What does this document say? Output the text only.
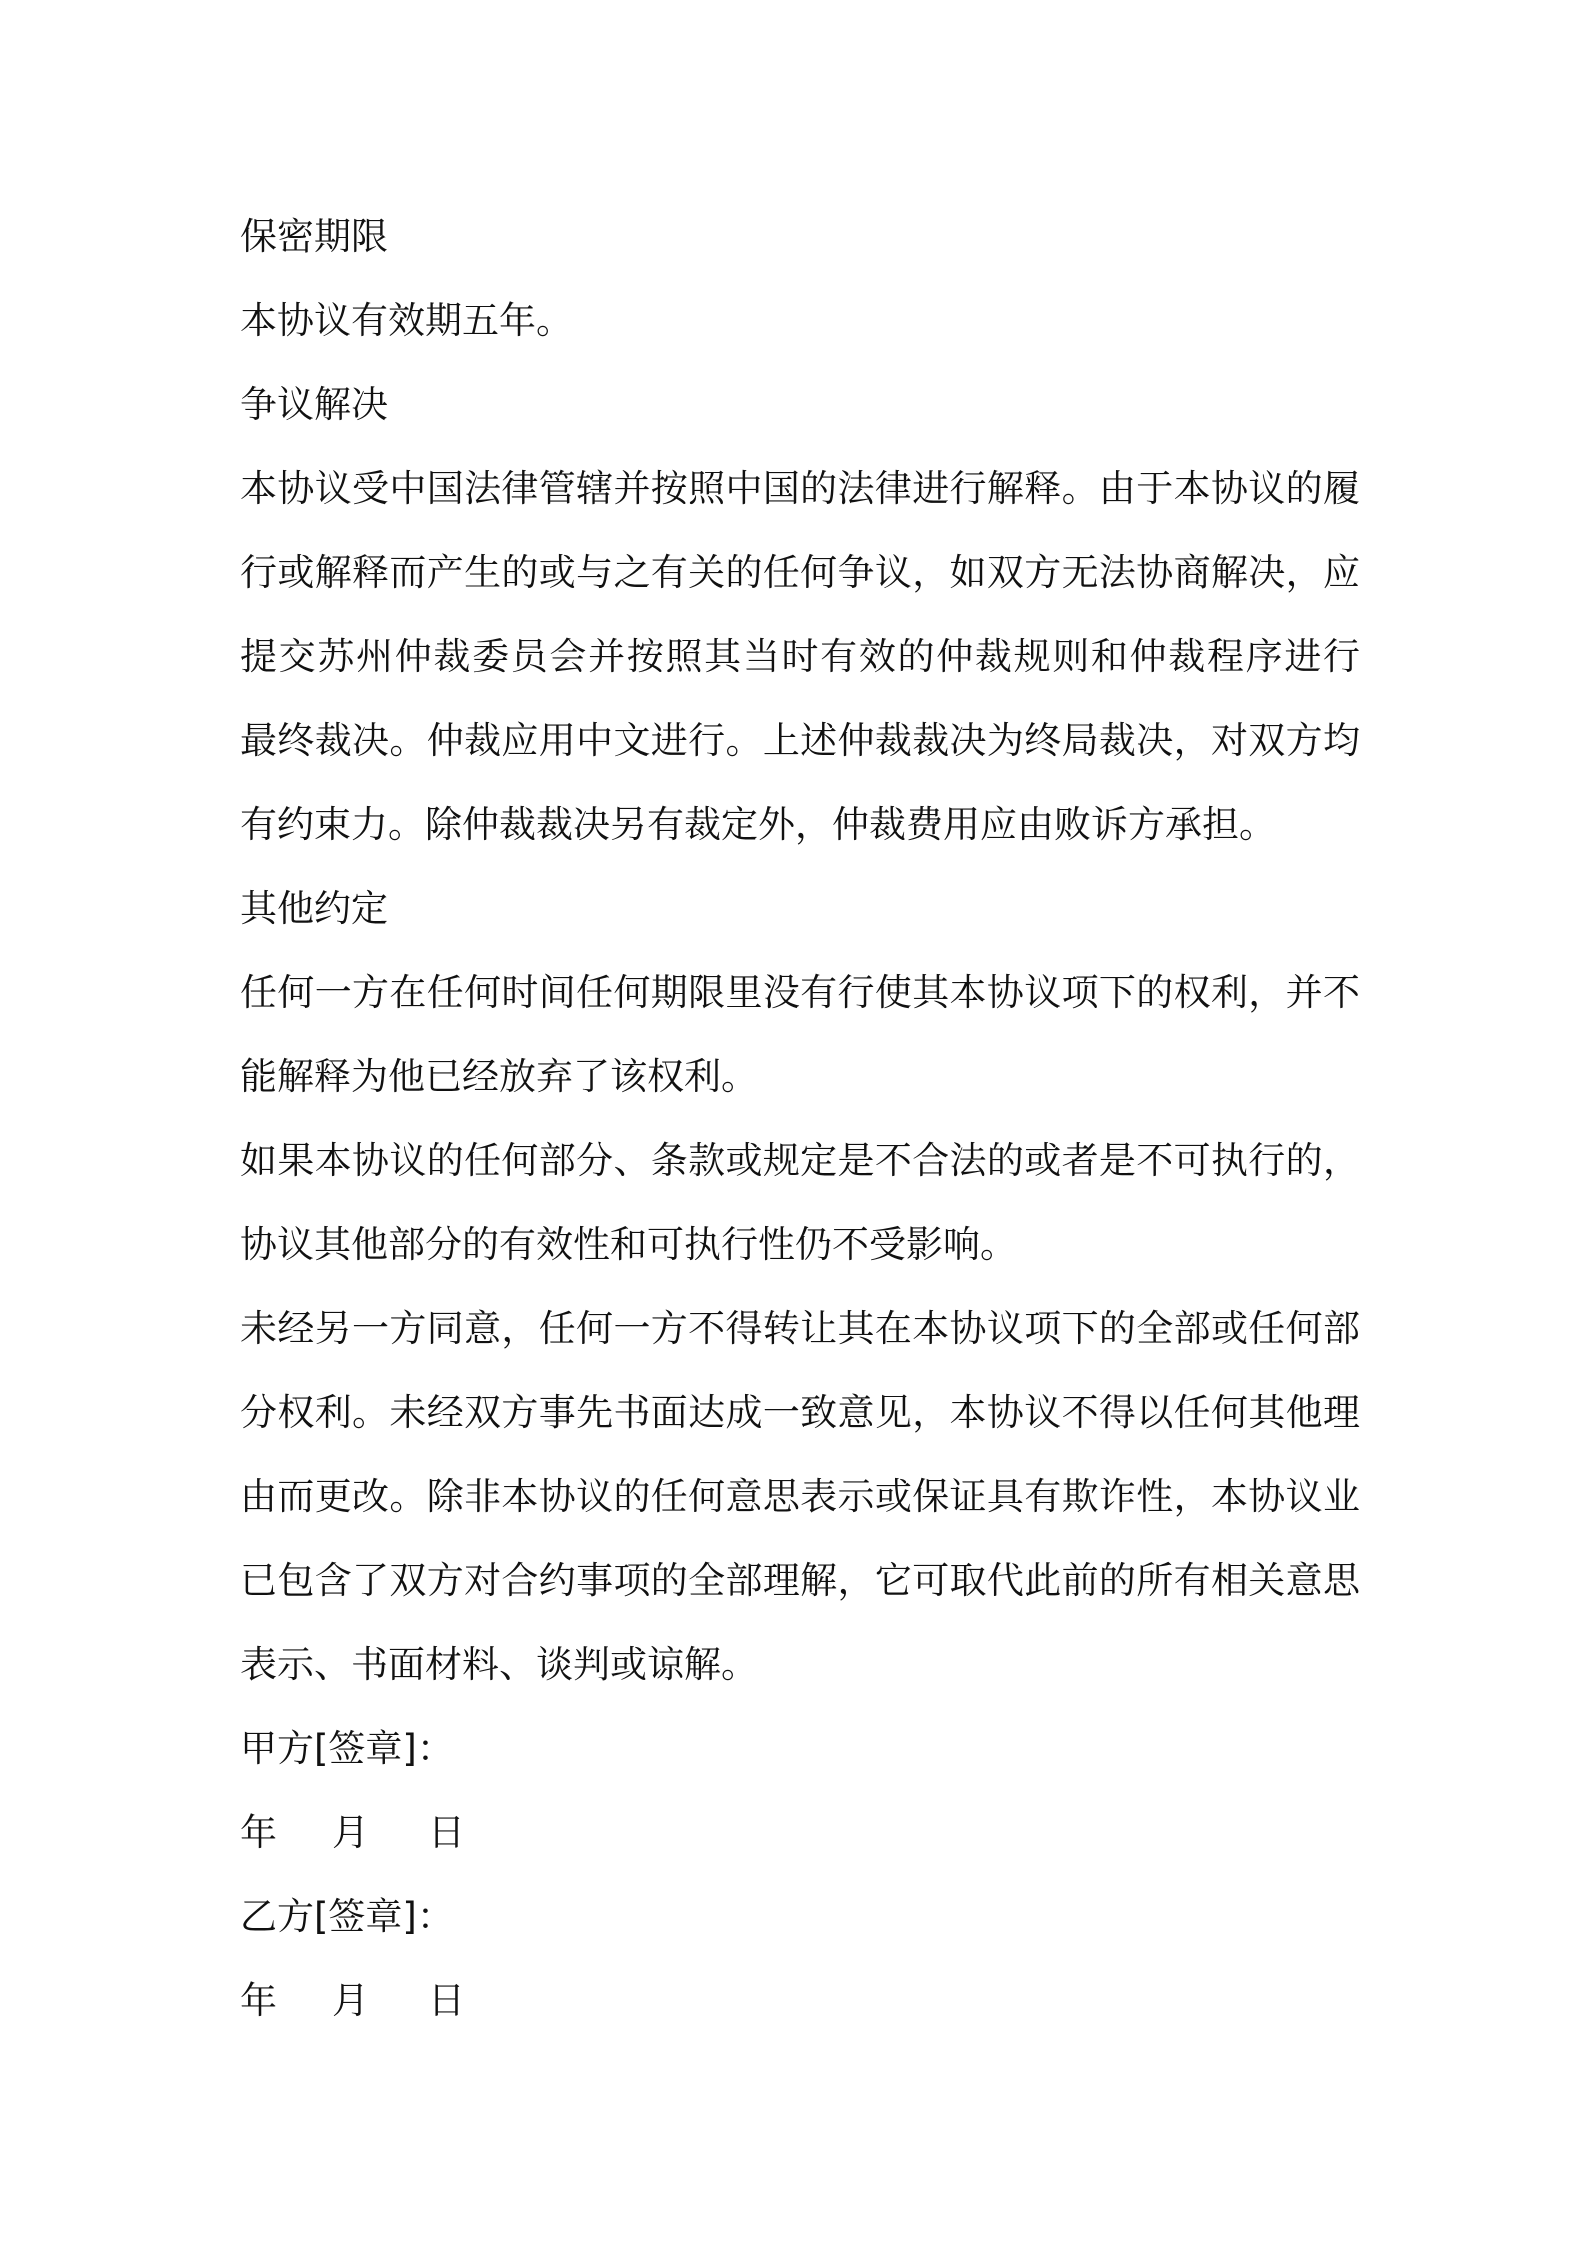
保密期限
本协议有效期五年。
争议解决
本协议受中国法律管辖并按照中国的法律进行解释。由于本协议的履
行或解释而产生的或与之有关的任何争议，如双方无法协商解决，应
提交苏州仲裁委员会并按照其当时有效的仲裁规则和仲裁程序进行
最终裁决。仲裁应用中文进行。上述仲裁裁决为终局裁决，对双方均
有约束力。除仲裁裁决另有裁定外，仲裁费用应由败诉方承担。
其他约定
任何一方在任何时间任何期限里没有行使其本协议项下的权利，并不
能解释为他已经放弃了该权利。
如果本协议的任何部分、条款或规定是不合法的或者是不可执行的，
协议其他部分的有效性和可执行性仍不受影响。
未经另一方同意，任何一方不得转让其在本协议项下的全部或任何部
分权利。未经双方事先书面达成一致意见，本协议不得以任何其他理
由而更改。除非本协议的任何意思表示或保证具有欺诈性，本协议业
已包含了双方对合约事项的全部理解，它可取代此前的所有相关意思
表示、书面材料、谈判或谅解。
甲方[签章]：
年	月	日
乙方[签章]：
年	月	日
